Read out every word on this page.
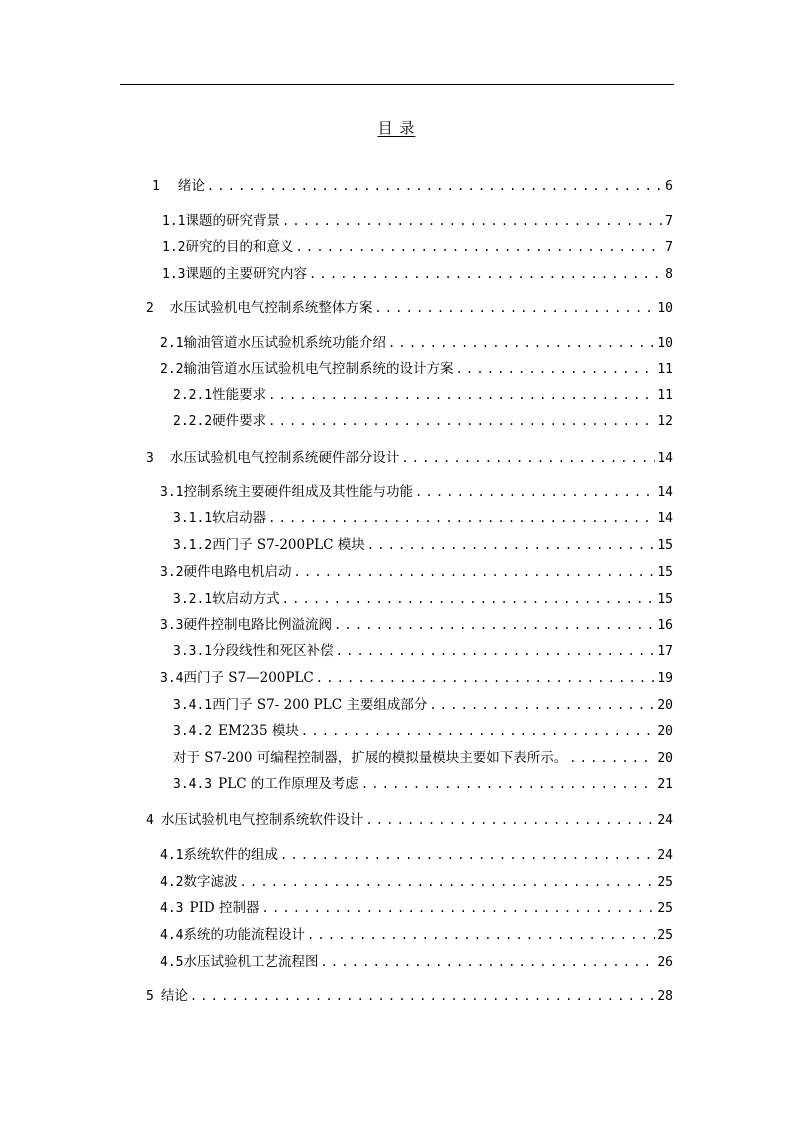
目 录
1 绪论 .....	6
1.1 课题的研究背景 .....	7
1.2 研究的目的和意义 .....	7
1.3 课题的主要研究内容 .....	8
2 水压试验机电气控制系统整体方案 .....	10
2.1 输油管道水压试验机系统功能介绍 .....	10
2.2 输油管道水压试验机电气控制系统的设计方案 .....	11
2.2.1 性能要求 .....	11
2.2.2 硬件要求 .....	12
3 水压试验机电气控制系统硬件部分设计 .....	14
3.1 控制系统主要硬件组成及其性能与功能 .....	14
3.1.1 软启动器 .....	14
3.1.2 西门子 S7-200PLC 模块 .....	15
3.2 硬件电路电机启动 .....	15
3.2.1 软启动方式 .....	15
3.3 硬件控制电路比例溢流阀 .....	16
3.3.1 分段线性和死区补偿 .....	17
3.4 西门子 S7—200PLC .....	19
3.4.1 西门子 S7- 200 PLC 主要组成部分 .....	20
3.4.2 EM235 模块 .....	20
对于 S7-200 可编程控制器，扩展的模拟量模块主要如下表所示。 .....	20
3.4.3 PLC 的工作原理及考虑 .....	21
4 水压试验机电气控制系统软件设计 .....	24
4.1 系统软件的组成 .....	24
4.2 数字滤波 .....	25
4.3 PID 控制器 .....	25
4.4 系统的功能流程设计 .....	25
4.5 水压试验机工艺流程图 .....	26
5 结论 .....	28
